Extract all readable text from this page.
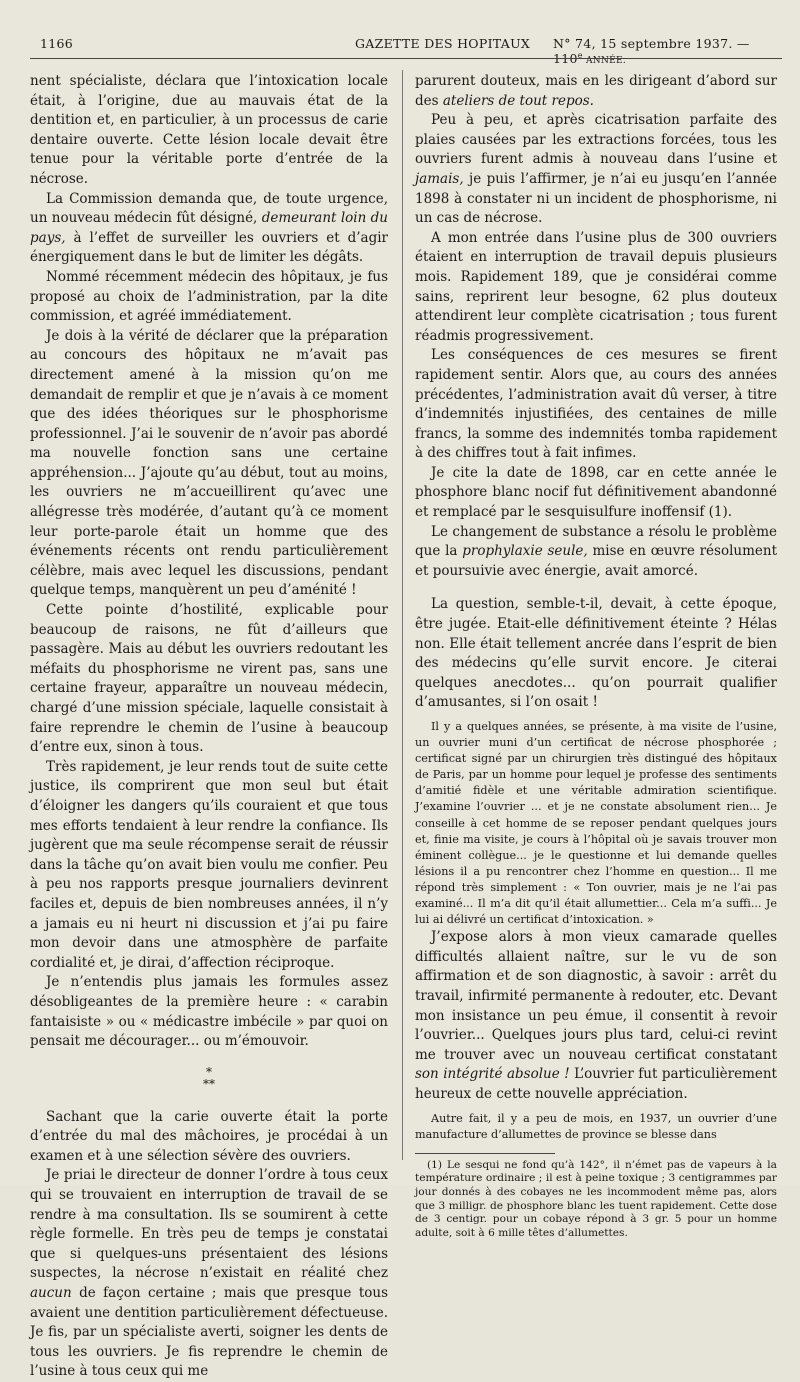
1166	GAZETTE DES HOPITAUX N° 74, 15 septembre 1937. — 110e ANNÉE.

nent spécialiste, déclara que l’intoxication locale était, à l’origine, due au mauvais état de la dentition et, en particulier, à un processus de carie dentaire ouverte. Cette lésion locale devait être tenue pour la véritable porte d’entrée de la nécrose.

La Commission demanda que, de toute urgence, un nouveau médecin fût désigné, demeurant loin du pays, à l’effet de surveiller les ouvriers et d’agir énergiquement dans le but de limiter les dégâts.

Nommé récemment médecin des hôpitaux, je fus proposé au choix de l’administration, par la dite commission, et agréé immédiatement.

Je dois à la vérité de déclarer que la préparation au concours des hôpitaux ne m’avait pas directement amené à la mission qu’on me demandait de remplir et que je n’avais à ce moment que des idées théoriques sur le phosphorisme professionnel. J’ai le souvenir de n’avoir pas abordé ma nouvelle fonction sans une certaine appréhension... J’ajoute qu’au début, tout au moins, les ouvriers ne m’accueillirent qu’avec une allégresse très modérée, d’autant qu’à ce moment leur porte-parole était un homme que des événements récents ont rendu particulièrement célèbre, mais avec lequel les discussions, pendant quelque temps, manquèrent un peu d’aménité !

Cette pointe d’hostilité, explicable pour beaucoup de raisons, ne fût d’ailleurs que passagère. Mais au début les ouvriers redoutant les méfaits du phosphorisme ne virent pas, sans une certaine frayeur, apparaître un nouveau médecin, chargé d’une mission spéciale, laquelle consistait à faire reprendre le chemin de l’usine à beaucoup d’entre eux, sinon à tous.

Très rapidement, je leur rends tout de suite cette justice, ils comprirent que mon seul but était d’éloigner les dangers qu’ils couraient et que tous mes efforts tendaient à leur rendre la confiance. Ils jugèrent que ma seule récompense serait de réussir dans la tâche qu’on avait bien voulu me confier. Peu à peu nos rapports presque journaliers devinrent faciles et, depuis de bien nombreuses années, il n’y a jamais eu ni heurt ni discussion et j’ai pu faire mon devoir dans une atmosphère de parfaite cordialité et, je dirai, d’affection réciproque.

Je n’entendis plus jamais les formules assez désobligeantes de la première heure : « carabin fantaisiste » ou « médicastre imbécile » par quoi on pensait me décourager... ou m’émouvoir.

*
**

Sachant que la carie ouverte était la porte d’entrée du mal des mâchoires, je procédai à un examen et à une sélection sévère des ouvriers.

Je priai le directeur de donner l’ordre à tous ceux qui se trouvaient en interruption de travail de se rendre à ma consultation. Ils se soumirent à cette règle formelle. En très peu de temps je constatai que si quelques-uns présentaient des lésions suspectes, la nécrose n’existait en réalité chez aucun de façon certaine ; mais que presque tous avaient une dentition particulièrement défectueuse. Je fis, par un spécialiste averti, soigner les dents de tous les ouvriers. Je fis reprendre le chemin de l’usine à tous ceux qui me

parurent douteux, mais en les dirigeant d’abord sur des ateliers de tout repos.

Peu à peu, et après cicatrisation parfaite des plaies causées par les extractions forcées, tous les ouvriers furent admis à nouveau dans l’usine et jamais, je puis l’affirmer, je n’ai eu jusqu’en l’année 1898 à constater ni un incident de phosphorisme, ni un cas de nécrose.

A mon entrée dans l’usine plus de 300 ouvriers étaient en interruption de travail depuis plusieurs mois. Rapidement 189, que je considérai comme sains, reprirent leur besogne, 62 plus douteux attendirent leur complète cicatrisation ; tous furent réadmis progressivement.

Les conséquences de ces mesures se firent rapidement sentir. Alors que, au cours des années précédentes, l’administration avait dû verser, à titre d’indemnités injustifiées, des centaines de mille francs, la somme des indemnités tomba rapidement à des chiffres tout à fait infimes.

Je cite la date de 1898, car en cette année le phosphore blanc nocif fut définitivement abandonné et remplacé par le sesquisulfure inoffensif (1).

Le changement de substance a résolu le problème que la prophylaxie seule, mise en œuvre résolument et poursuivie avec énergie, avait amorcé.

La question, semble-t-il, devait, à cette époque, être jugée. Etait-elle définitivement éteinte ? Hélas non. Elle était tellement ancrée dans l’esprit de bien des médecins qu’elle survit encore. Je citerai quelques anecdotes... qu’on pourrait qualifier d’amusantes, si l’on osait !

Il y a quelques années, se présente, à ma visite de l’usine, un ouvrier muni d’un certificat de nécrose phosphorée ; certificat signé par un chirurgien très distingué des hôpitaux de Paris, par un homme pour lequel je professe des sentiments d’amitié fidèle et une véritable admiration scientifique. J’examine l’ouvrier ... et je ne constate absolument rien... Je conseille à cet homme de se reposer pendant quelques jours et, finie ma visite, je cours à l’hôpital où je savais trouver mon éminent collègue... je le questionne et lui demande quelles lésions il a pu rencontrer chez l’homme en question... Il me répond très simplement : « Ton ouvrier, mais je ne l’ai pas examiné... Il m’a dit qu’il était allumettier... Cela m’a suffi... Je lui ai délivré un certificat d’intoxication. »

J’expose alors à mon vieux camarade quelles difficultés allaient naître, sur le vu de son affirmation et de son diagnostic, à savoir : arrêt du travail, infirmité permanente à redouter, etc. Devant mon insistance un peu émue, il consentit à revoir l’ouvrier... Quelques jours plus tard, celui-ci revint me trouver avec un nouveau certificat constatant son intégrité absolue ! L’ouvrier fut particulièrement heureux de cette nouvelle appréciation.

Autre fait, il y a peu de mois, en 1937, un ouvrier d’une manufacture d’allumettes de province se blesse dans

(1) Le sesqui ne fond qu’à 142°, il n’émet pas de vapeurs à la température ordinaire ; il est à peine toxique ; 3 centigrammes par jour donnés à des cobayes ne les incommodent même pas, alors que 3 milligr. de phosphore blanc les tuent rapidement. Cette dose de 3 centigr. pour un cobaye répond à 3 gr. 5 pour un homme adulte, soit à 6 mille têtes d’allumettes.
